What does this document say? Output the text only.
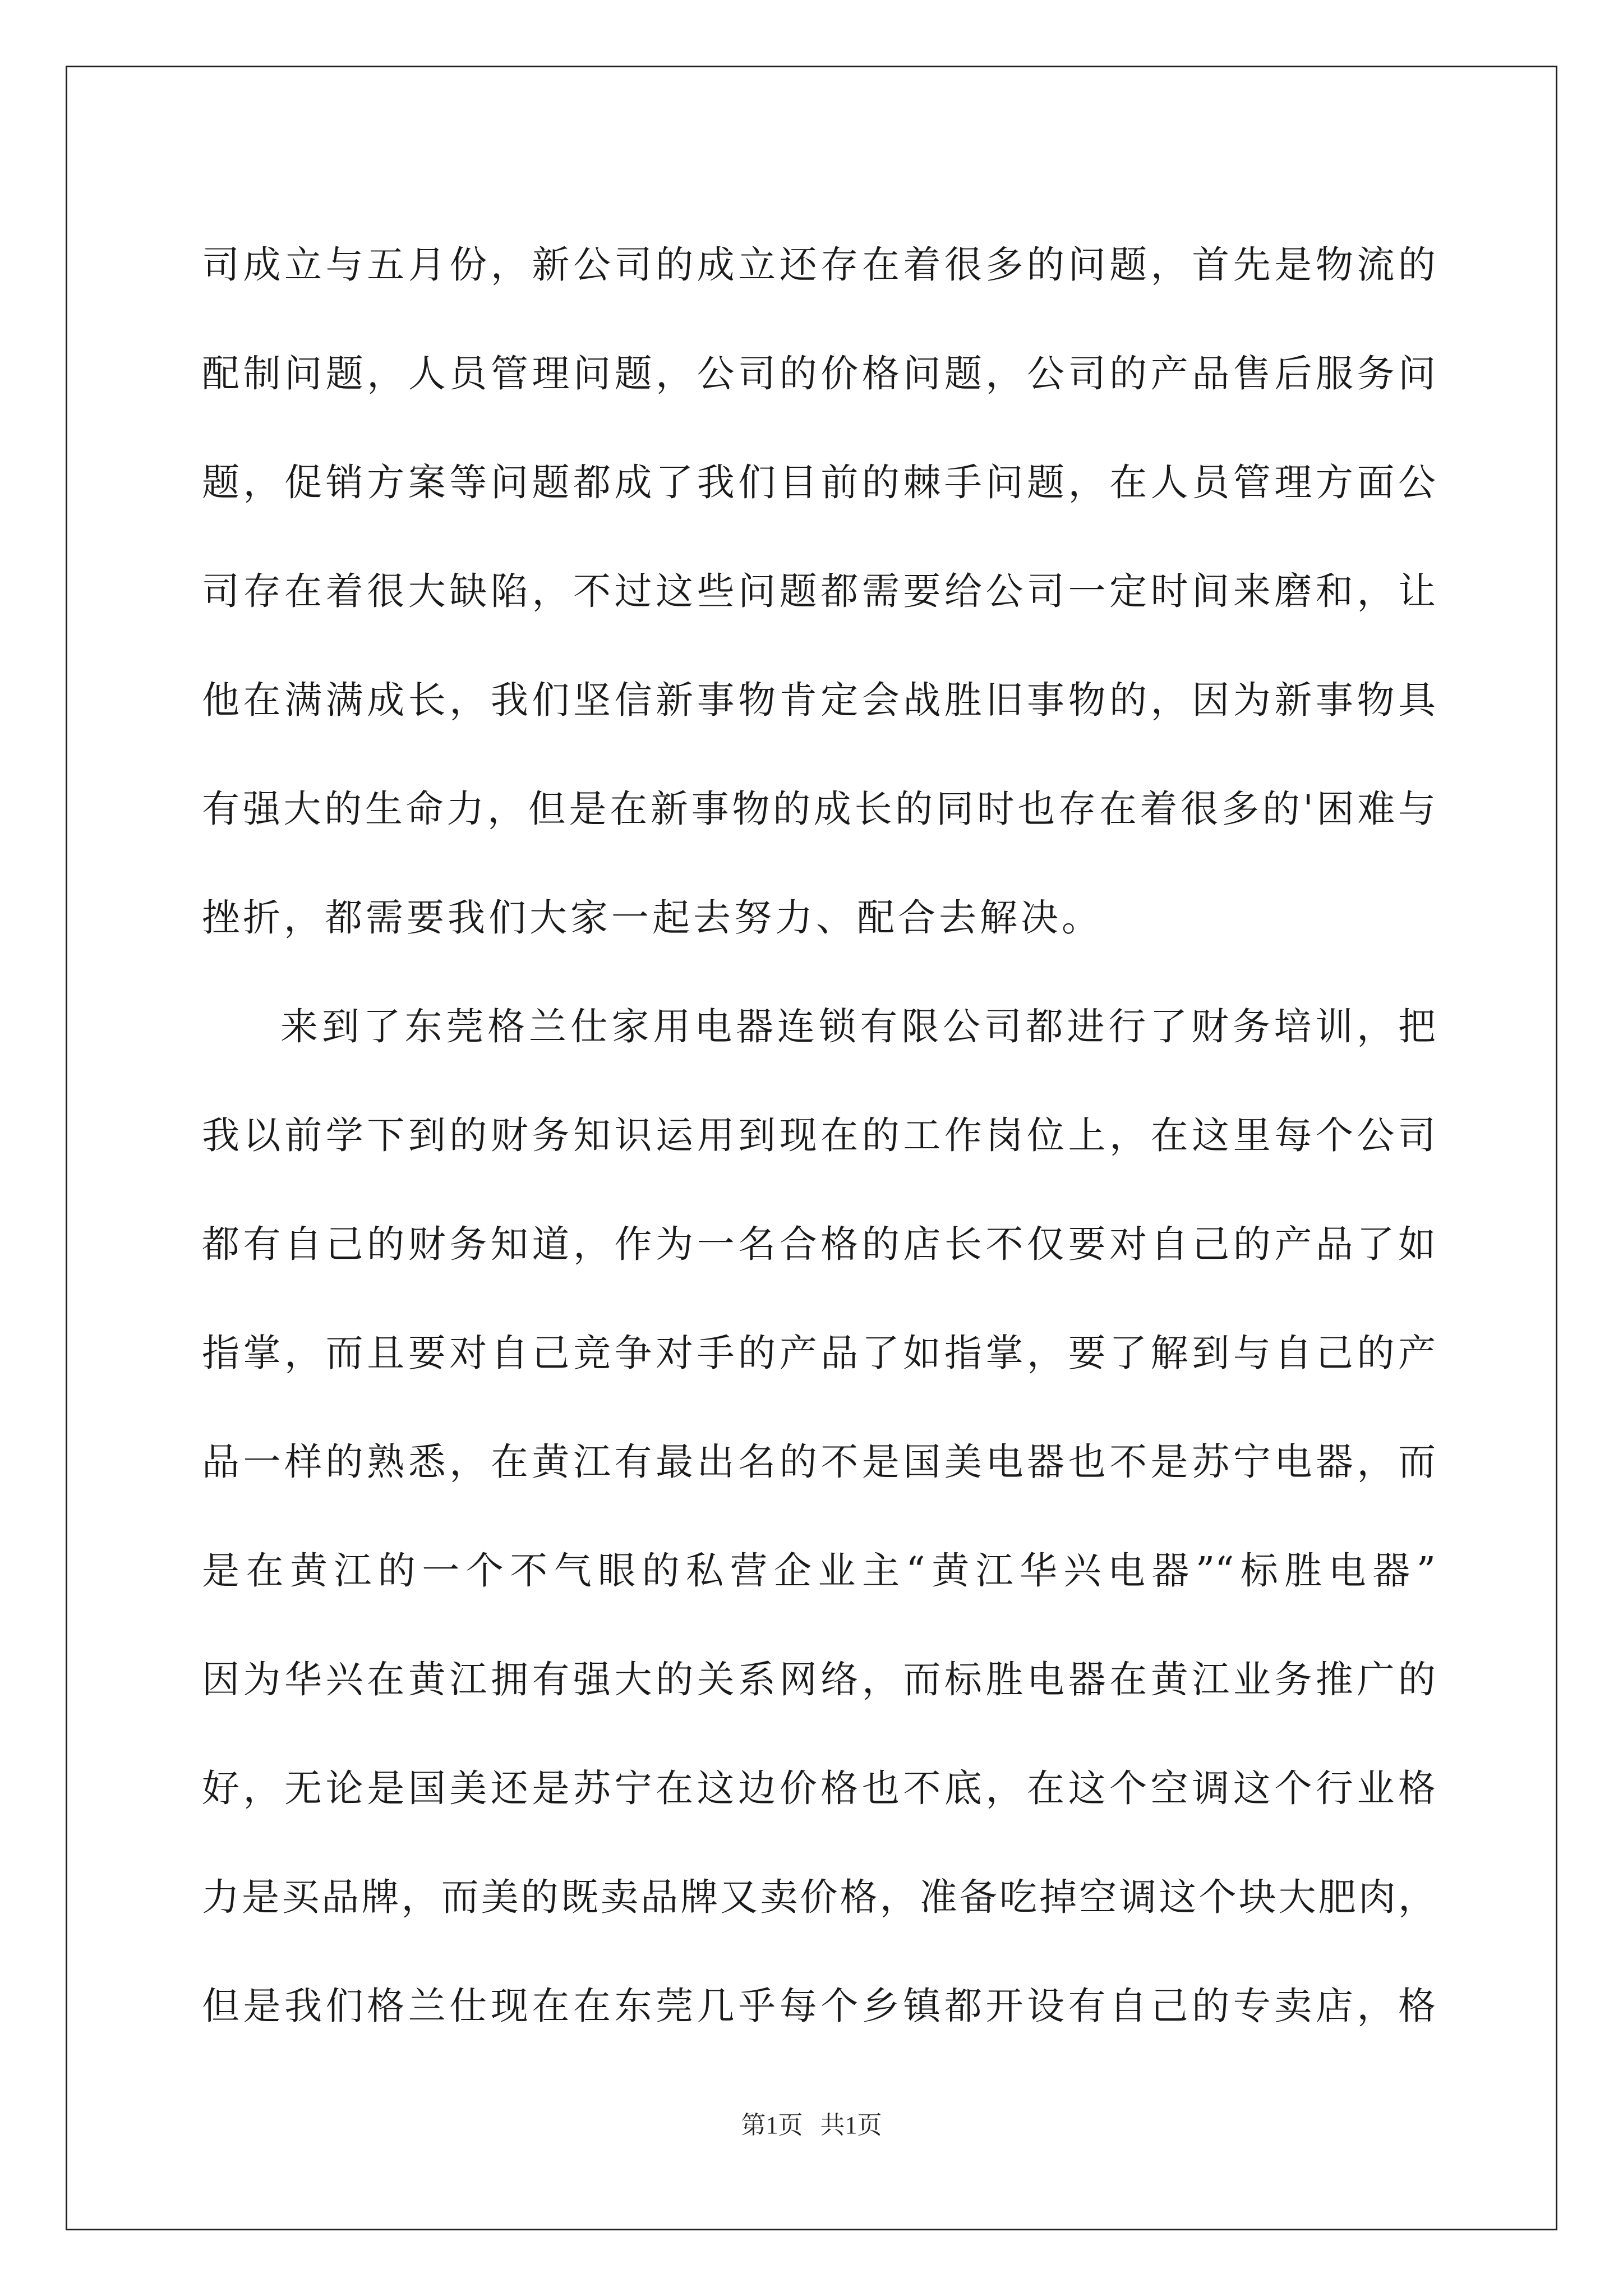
司成立与五月份，新公司的成立还存在着很多的问题，首先是物流的
配制问题，人员管理问题，公司的价格问题，公司的产品售后服务问
题，促销方案等问题都成了我们目前的棘手问题，在人员管理方面公
司存在着很大缺陷，不过这些问题都需要给公司一定时间来磨和，让
他在满满成长，我们坚信新事物肯定会战胜旧事物的，因为新事物具
有强大的生命力，但是在新事物的成长的同时也存在着很多的'困难与
挫折，都需要我们大家一起去努力、配合去解决。
来到了东莞格兰仕家用电器连锁有限公司都进行了财务培训，把
我以前学下到的财务知识运用到现在的工作岗位上，在这里每个公司
都有自己的财务知道，作为一名合格的店长不仅要对自己的产品了如
指掌，而且要对自己竞争对手的产品了如指掌，要了解到与自己的产
品一样的熟悉，在黄江有最出名的不是国美电器也不是苏宁电器，而
是在黄江的一个不气眼的私营企业主“黄江华兴电器”“标胜电器”
因为华兴在黄江拥有强大的关系网络，而标胜电器在黄江业务推广的
好，无论是国美还是苏宁在这边价格也不底，在这个空调这个行业格
力是买品牌，而美的既卖品牌又卖价格，准备吃掉空调这个块大肥肉，
但是我们格兰仕现在在东莞几乎每个乡镇都开设有自己的专卖店，格
第1页 共1页
